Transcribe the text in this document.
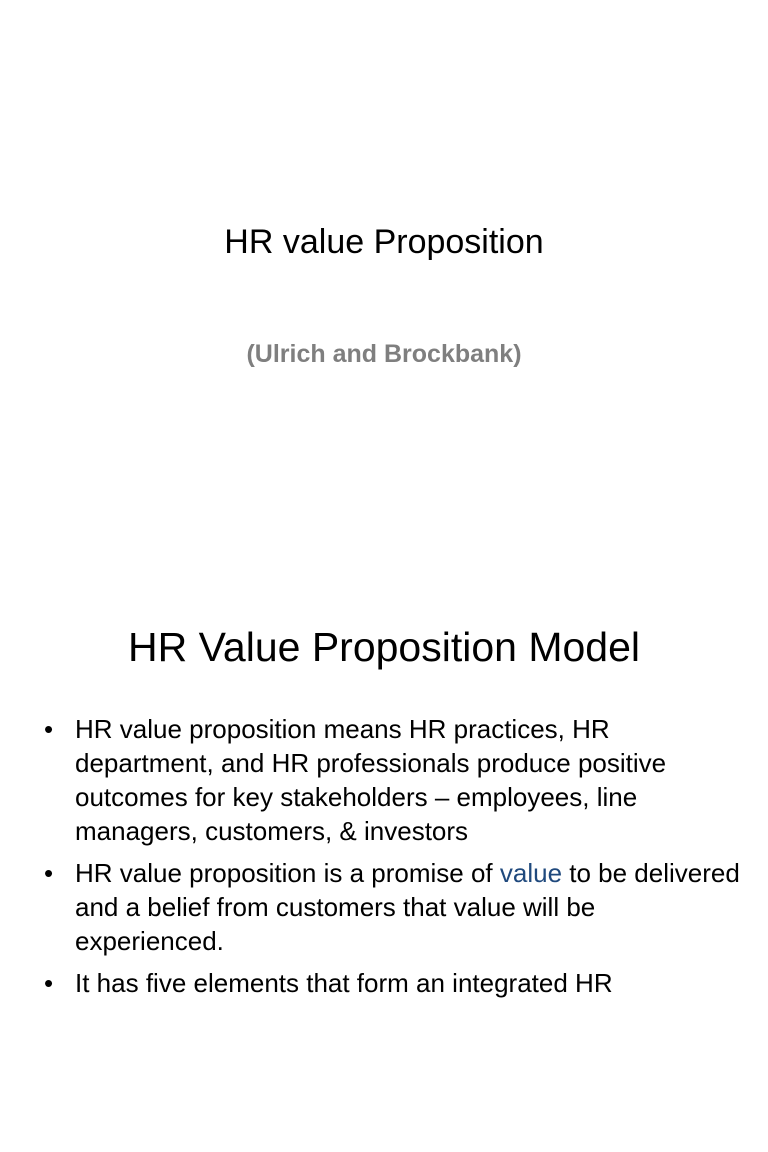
HR value Proposition
(Ulrich and Brockbank)
HR Value Proposition Model
• HR value proposition means HR practices, HR department, and HR professionals produce positive outcomes for key stakeholders – employees, line managers, customers, & investors
• HR value proposition is a promise of value to be delivered and a belief from customers that value will be experienced.
• It has five elements that form an integrated HR
